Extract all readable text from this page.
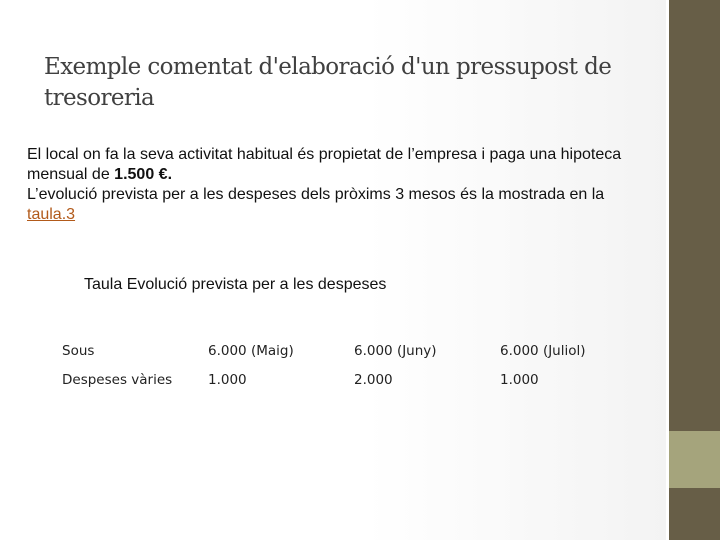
Exemple comentat d'elaboració d'un pressupost de tresoreria

El local on fa la seva activitat habitual és propietat de l’empresa i paga una hipoteca mensual de 1.500 €.

L’evolució prevista per a les despeses dels pròxims 3 mesos és la mostrada en la taula.3

Taula Evolució prevista per a les despeses
Sous	6.000 (Maig)	6.000 (Juny)	6.000 (Juliol)
Despeses vàries	1.000	2.000	1.000
